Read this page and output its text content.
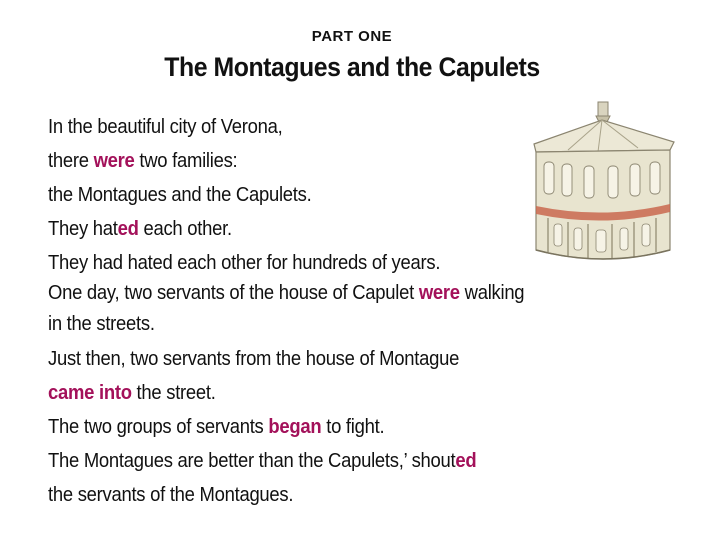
PART ONE
The Montagues and the Capulets
In the beautiful city of Verona,
there were two families:
the Montagues and the Capulets.
They hated each other.
They had hated each other for hundreds of years.
One day, two servants of the house of Capulet were walking
in the streets.
Just then, two servants from the house of Montague
came into the street.
The two groups of servants began to fight.
The Montagues are better than the Capulets,’ shouted
the servants of the Montagues.
